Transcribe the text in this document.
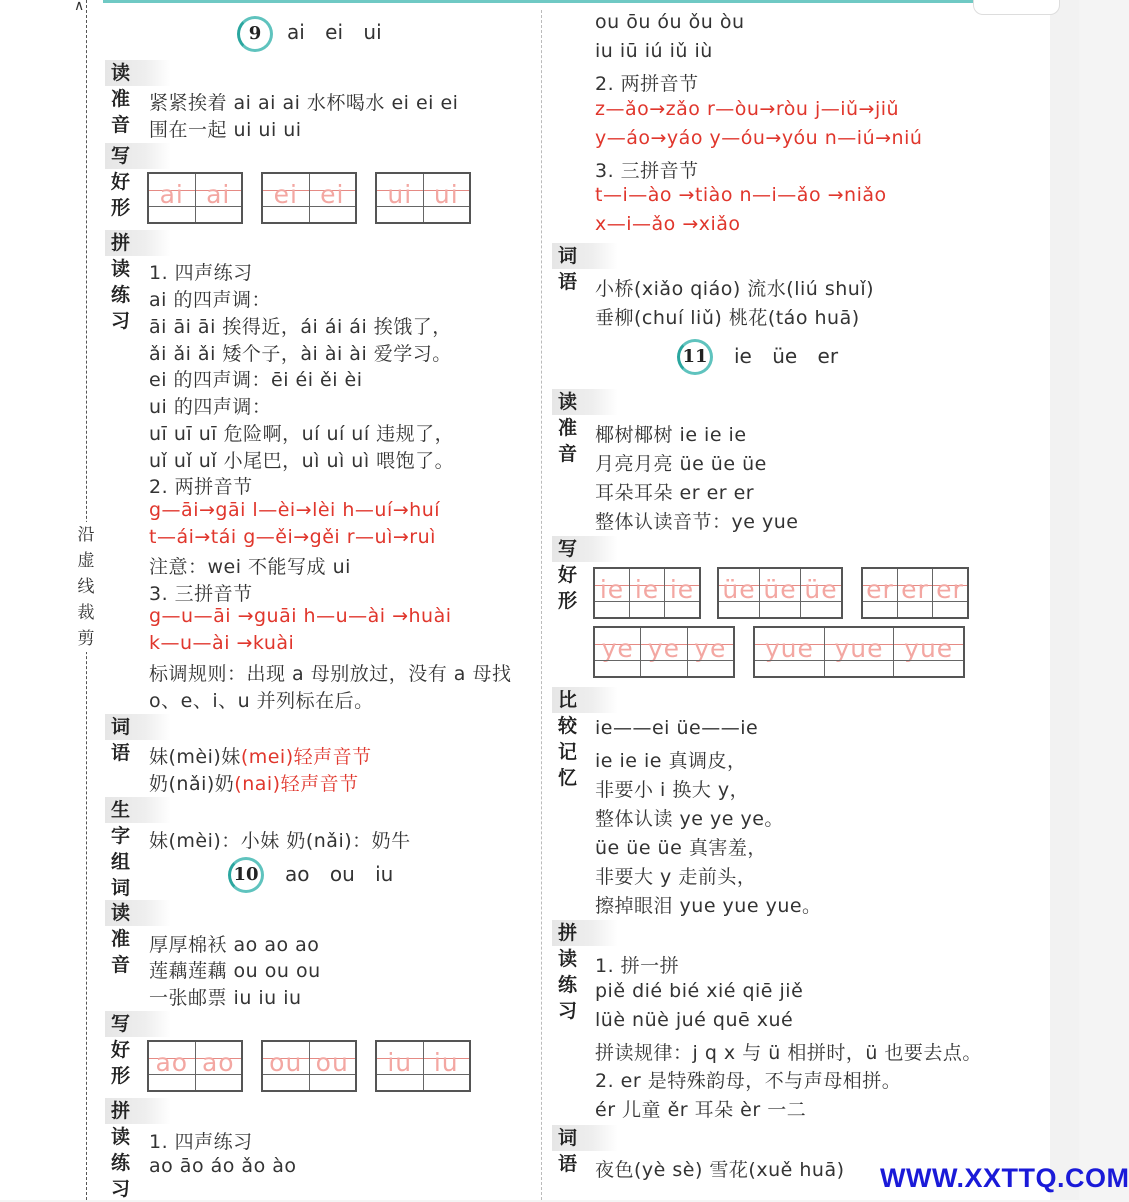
∧
沿
虚
线
裁
剪
9	ai ei ui
读准音
紧紧挨着 ai ai ai 水杯喝水 ei ei ei
围在一起 ui ui ui
写好形	ai ai	ei ei	ui ui
拼读练习
1. 四声练习
ai 的四声调：
āi āi āi 挨得近，ái ái ái 挨饿了，
ǎi ǎi ǎi 矮个子，ài ài ài 爱学习。
ei 的四声调：ēi éi ěi èi
ui 的四声调：
uī uī uī 危险啊，uí uí uí 违规了，
uǐ uǐ uǐ 小尾巴，uì uì uì 喂饱了。
2. 两拼音节
g—āi→gāi l—èi→lèi h—uí→huí
t—ái→tái g—ěi→gěi r—uì→ruì
注意：wei 不能写成 ui
3. 三拼音节
g—u—āi →guāi h—u—ài →huài
k—u—ài →kuài
标调规则：出现 a 母别放过，没有 a 母找
o、e、i、u 并列标在后。
词语 妹(mèi)妹(mei)轻声音节
奶(nǎi)奶(nai)轻声音节
生字组词
妹(mèi)：小妹 奶(nǎi)：奶牛
10 ao ou iu
读准音
厚厚棉袄 ao ao ao
莲藕莲藕 ou ou ou
一张邮票 iu iu iu
写好形 ao ao ou ou	iu iu
拼读练习
1. 四声练习
ao āo áo ǎo ào
ou ōu óu ǒu òu
iu iū iú iǔ iù
2. 两拼音节
z—ǎo→zǎo r—òu→ròu j—iǔ→jiǔ
y—áo→yáo y—óu→yóu n—iú→niú
3. 三拼音节
t—i—ào →tiào n—i—ǎo →niǎo
x—i—ǎo →xiǎo
词语 小桥(xiǎo qiáo) 流水(liú shuǐ)
垂柳(chuí liǔ) 桃花(táo huā)
11 ie üe er
读准音
椰树椰树 ie ie ie
月亮月亮 üe üe üe
耳朵耳朵 er er er
整体认读音节：ye yue
写好形 ie ie ie üe üe üe er er er
ye ye ye	yue yue yue
比较记忆
ie——ei üe——ie
ie ie ie 真调皮，
非要小 i 换大 y，
整体认读 ye ye ye。
üe üe üe 真害羞，
非要大 y 走前头，
擦掉眼泪 yue yue yue。
拼读练习
1. 拼一拼
piě dié bié xié qiē jiě
lüè nüè jué quē xué
拼读规律：j q x 与 ü 相拼时，ü 也要去点。
2. er 是特殊韵母，不与声母相拼。
ér 儿童 ěr 耳朵 èr 一二
词语 夜色(yè sè) 雪花(xuě huā) WWW.XXTTQ.COM
